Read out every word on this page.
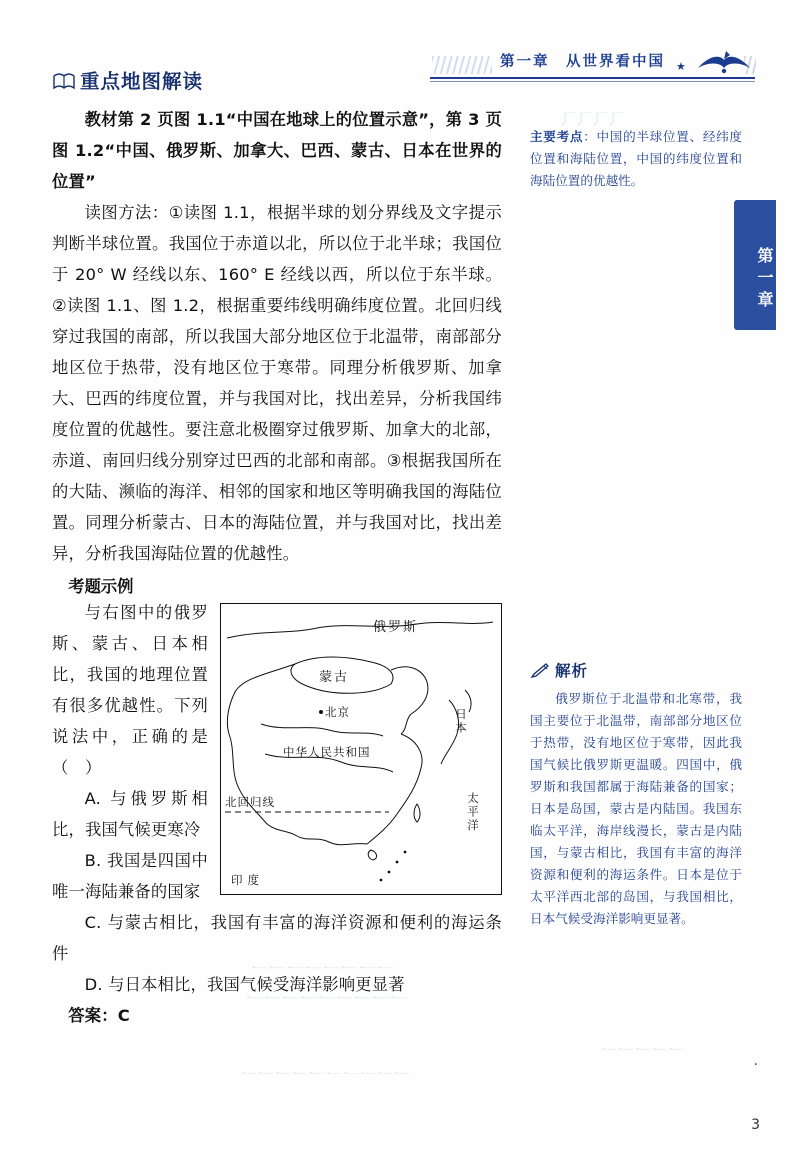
⺄⺄⺄⺄
⼀⼀⼀⼀⼀⼀⼀⼀
⼀⼀⼀⼀⼀⼀⼀⼀⼀
⼀⼀⼀⼀⼀⼀⼀⼀⼀⼀
⼀⼀⼀⼀⼀
第一章　从世界看中国 ★
第一章
重点地图解读

教材第 2 页图 1.1“中国在地球上的位置示意”，第 3 页图 1.2“中国、俄罗斯、加拿大、巴西、蒙古、日本在世界的位置”

读图方法：①读图 1.1，根据半球的划分界线及文字提示判断半球位置。我国位于赤道以北，所以位于北半球；我国位于 20° W 经线以东、160° E 经线以西，所以位于东半球。②读图 1.1、图 1.2，根据重要纬线明确纬度位置。北回归线穿过我国的南部，所以我国大部分地区位于北温带，南部部分地区位于热带，没有地区位于寒带。同理分析俄罗斯、加拿大、巴西的纬度位置，并与我国对比，找出差异，分析我国纬度位置的优越性。要注意北极圈穿过俄罗斯、加拿大的北部，赤道、南回归线分别穿过巴西的北部和南部。③根据我国所在的大陆、濒临的海洋、相邻的国家和地区等明确我国的海陆位置。同理分析蒙古、日本的海陆位置，并与我国对比，找出差异，分析我国海陆位置的优越性。

考题示例
俄罗斯
蒙古
北京
中华人民共和国
北回归线
日本
太平洋
印度

与右图中的俄罗斯、蒙古、日本相比，我国的地理位置有很多优越性。下列说法中，正确的是（　）

A. 与俄罗斯相比，我国气候更寒冷

B. 我国是四国中唯一海陆兼备的国家

C. 与蒙古相比，我国有丰富的海洋资源和便利的海运条件

D. 与日本相比，我国气候受海洋影响更显著

答案：C

主要考点：中国的半球位置、经纬度位置和海陆位置，中国的纬度位置和海陆位置的优越性。
解析
俄罗斯位于北温带和北寒带，我国主要位于北温带，南部部分地区位于热带，没有地区位于寒带，因此我国气候比俄罗斯更温暖。四国中，俄罗斯和我国都属于海陆兼备的国家；日本是岛国，蒙古是内陆国。我国东临太平洋，海岸线漫长，蒙古是内陆国，与蒙古相比，我国有丰富的海洋资源和便利的海运条件。日本是位于太平洋西北部的岛国，与我国相比，日本气候受海洋影响更显著。
·
3
